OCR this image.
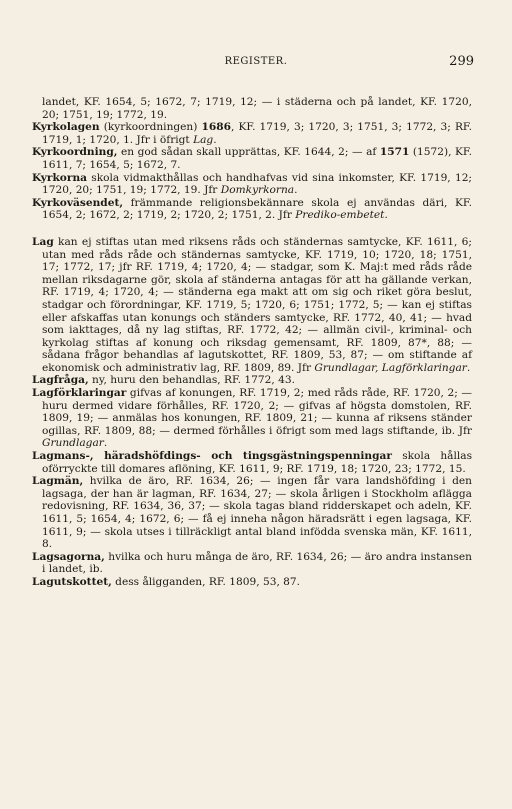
REGISTER.	299

landet, KF. 1654, 5; 1672, 7; 1719, 12; — i städerna och på landet, KF. 1720, 20; 1751, 19; 1772, 19.

Kyrkolagen (kyrkoordningen) 1686, KF. 1719, 3; 1720, 3; 1751, 3; 1772, 3; RF. 1719, 1; 1720, 1. Jfr i öfrigt Lag.

Kyrkoordning, en god sådan skall upprättas, KF. 1644, 2; — af 1571 (1572), KF. 1611, 7; 1654, 5; 1672, 7.

Kyrkorna skola vidmakthållas och handhafvas vid sina inkomster, KF. 1719, 12; 1720, 20; 1751, 19; 1772, 19. Jfr Domkyrkorna.

Kyrkoväsendet, främmande religionsbekännare skola ej användas däri, KF. 1654, 2; 1672, 2; 1719, 2; 1720, 2; 1751, 2. Jfr Prediko-embetet.

Lag kan ej stiftas utan med riksens råds och ständernas samtycke, KF. 1611, 6; utan med råds råde och ständernas samtycke, KF. 1719, 10; 1720, 18; 1751, 17; 1772, 17; jfr RF. 1719, 4; 1720, 4; — stadgar, som K. Maj:t med råds råde mellan riksdagarne gör, skola af ständerna antagas för att ha gällande verkan, RF. 1719, 4; 1720, 4; — ständerna ega makt att om sig och riket göra beslut, stadgar och förordningar, KF. 1719, 5; 1720, 6; 1751; 1772, 5; — kan ej stiftas eller afskaffas utan konungs och ständers samtycke, RF. 1772, 40, 41; — hvad som iakttages, då ny lag stiftas, RF. 1772, 42; — allmän civil-, kriminal- och kyrkolag stiftas af konung och riksdag gemensamt, RF. 1809, 87*, 88; — sådana frågor behandlas af lagutskottet, RF. 1809, 53, 87; — om stiftande af ekonomisk och administrativ lag, RF. 1809, 89. Jfr Grundlagar, Lagförklaringar.

Lagfråga, ny, huru den behandlas, RF. 1772, 43.

Lagförklaringar gifvas af konungen, RF. 1719, 2; med råds råde, RF. 1720, 2; — huru dermed vidare förhålles, RF. 1720, 2; — gifvas af högsta domstolen, RF. 1809, 19; — anmälas hos konungen, RF. 1809, 21; — kunna af riksens ständer ogillas, RF. 1809, 88; — dermed förhålles i öfrigt som med lags stiftande, ib. Jfr Grundlagar.

Lagmans-, häradshöfdings- och tingsgästningspenningar skola hållas oförryckte till domares aflöning, KF. 1611, 9; RF. 1719, 18; 1720, 23; 1772, 15.

Lagmän, hvilka de äro, RF. 1634, 26; — ingen får vara landshöfding i den lagsaga, der han är lagman, RF. 1634, 27; — skola årligen i Stockholm aflägga redovisning, RF. 1634, 36, 37; — skola tagas bland ridderskapet och adeln, KF. 1611, 5; 1654, 4; 1672, 6; — få ej inneha någon häradsrätt i egen lagsaga, KF. 1611, 9; — skola utses i tillräckligt antal bland infödda svenska män, KF. 1611, 8.

Lagsagorna, hvilka och huru många de äro, RF. 1634, 26; — äro andra instansen i landet, ib.

Lagutskottet, dess åligganden, RF. 1809, 53, 87.
